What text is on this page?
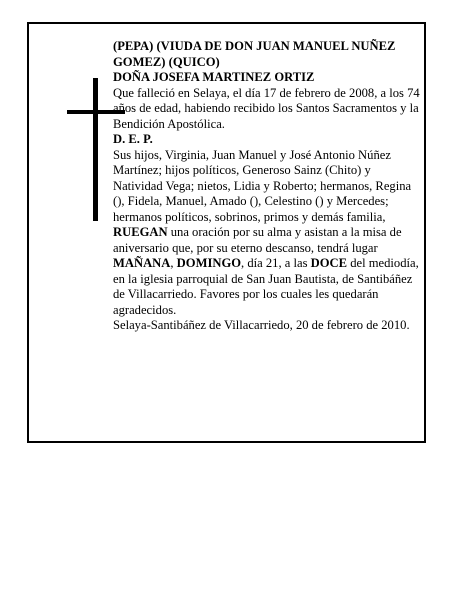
(PEPA) (VIUDA DE DON JUAN MANUEL NUÑEZ GOMEZ) (QUICO)

DOÑA JOSEFA MARTINEZ ORTIZ

Que falleció en Selaya, el día 17 de febrero de 2008, a los 74 años de edad, habiendo recibido los Santos Sacramentos y la Bendición Apostólica.

D. E. P.

Sus hijos, Virginia, Juan Manuel y José Antonio Núñez Martínez; hijos políticos, Generoso Sainz (Chito) y Natividad Vega; nietos, Lidia y Roberto; hermanos, Regina (), Fidela, Manuel, Amado (), Celestino () y Mercedes; hermanos políticos, sobrinos, primos y demás familia,

RUEGAN una oración por su alma y asistan a la misa de aniversario que, por su eterno descanso, tendrá lugar MAÑANA, DOMINGO, día 21, a las DOCE del mediodía, en la iglesia parroquial de San Juan Bautista, de Santibáñez de Villacarriedo. Favores por los cuales les quedarán agradecidos.

Selaya-Santibáñez de Villacarriedo, 20 de febrero de 2010.
